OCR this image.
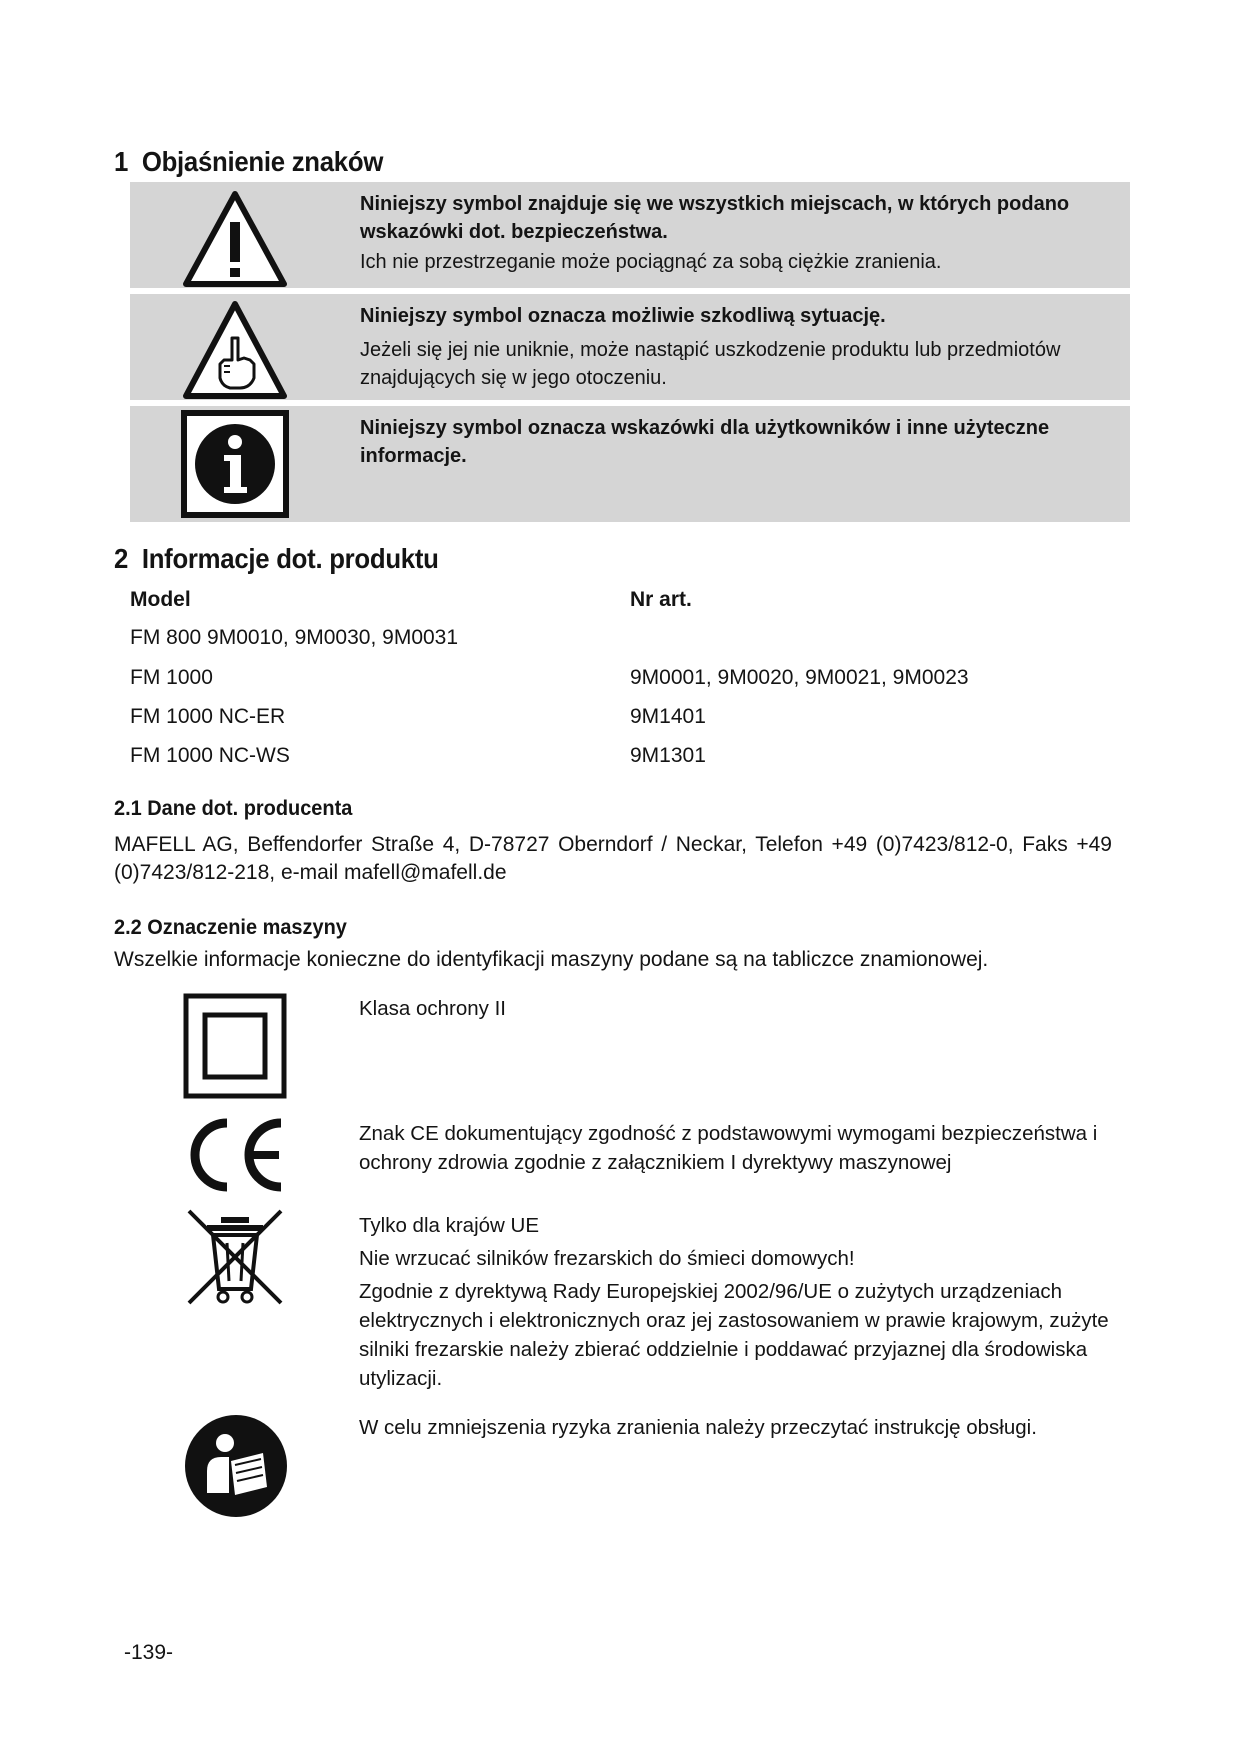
1 Objaśnienie znaków

Niniejszy symbol znajduje się we wszystkich miejscach, w których podano wskazówki dot. bezpieczeństwa.

Ich nie przestrzeganie może pociągnąć za sobą ciężkie zranienia.

Niniejszy symbol oznacza możliwie szkodliwą sytuację.

Jeżeli się jej nie uniknie, może nastąpić uszkodzenie produktu lub przedmiotów znajdujących się w jego otoczeniu.

Niniejszy symbol oznacza wskazówki dla użytkowników i inne użyteczne informacje.

2 Informacje dot. produktu
Model	Nr art.
FM 800 9M0010, 9M0030, 9M0031
FM 1000	9M0001, 9M0020, 9M0021, 9M0023
FM 1000 NC-ER	9M1401
FM 1000 NC-WS	9M1301
2.1 Dane dot. producenta

MAFELL AG, Beffendorfer Straße 4, D-78727 Oberndorf / Neckar, Telefon +49 (0)7423/812-0, Faks +49 (0)7423/812-218, e-mail mafell@mafell.de

2.2 Oznaczenie maszyny

Wszelkie informacje konieczne do identyfikacji maszyny podane są na tabliczce znamionowej.

Klasa ochrony II

Znak CE dokumentujący zgodność z podstawowymi wymogami bezpieczeństwa i ochrony zdrowia zgodnie z załącznikiem I dyrektywy maszynowej

Tylko dla krajów UE

Nie wrzucać silników frezarskich do śmieci domowych!

Zgodnie z dyrektywą Rady Europejskiej 2002/96/UE o zużytych urządzeniach elektrycznych i elektronicznych oraz jej zastosowaniem w prawie krajowym, zużyte silniki frezarskie należy zbierać oddzielnie i poddawać przyjaznej dla środowiska utylizacji.

W celu zmniejszenia ryzyka zranienia należy przeczytać instrukcję obsługi.

-139-
